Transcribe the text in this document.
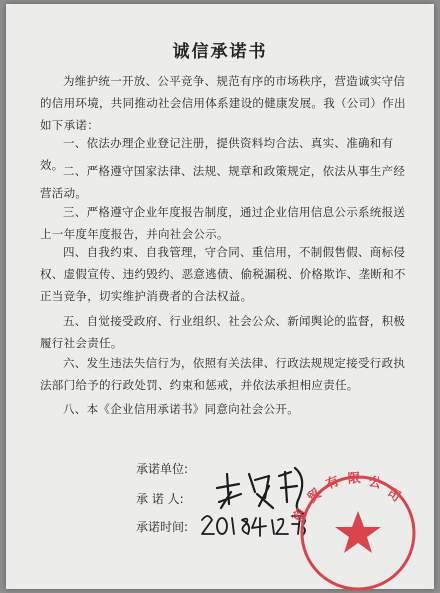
诚信承诺书

为维护统一开放、公平竞争、规范有序的市场秩序，营造诚实守信的信用环境，共同推动社会信用体系建设的健康发展。我（公司）作出如下承诺：

一、依法办理企业登记注册，提供资料均合法、真实、准确和有效。 二、严格遵守国家法律、法规、规章和政策规定，依法从事生产经营活动。

三、严格遵守企业年度报告制度，通过企业信用信息公示系统报送上一年度年度报告，并向社会公示。

四、自我约束、自我管理，守合同、重信用，不制假售假、商标侵权、虚假宣传、违约毁约、恶意逃债、偷税漏税、价格欺诈、垄断和不正当竞争，切实维护消费者的合法权益。

五、自觉接受政府、行业组织、社会公众、新闻舆论的监督，积极履行社会责任。

六、发生违法失信行为，依照有关法律、行政法规规定接受行政执法部门给予的行政处罚、约束和惩戒，并依法承担相应责任。

八、本《企业信用承诺书》同意向社会公开。

承诺单位:
承 诺 人:
承诺时间:
贸
有 限 公
司
商
